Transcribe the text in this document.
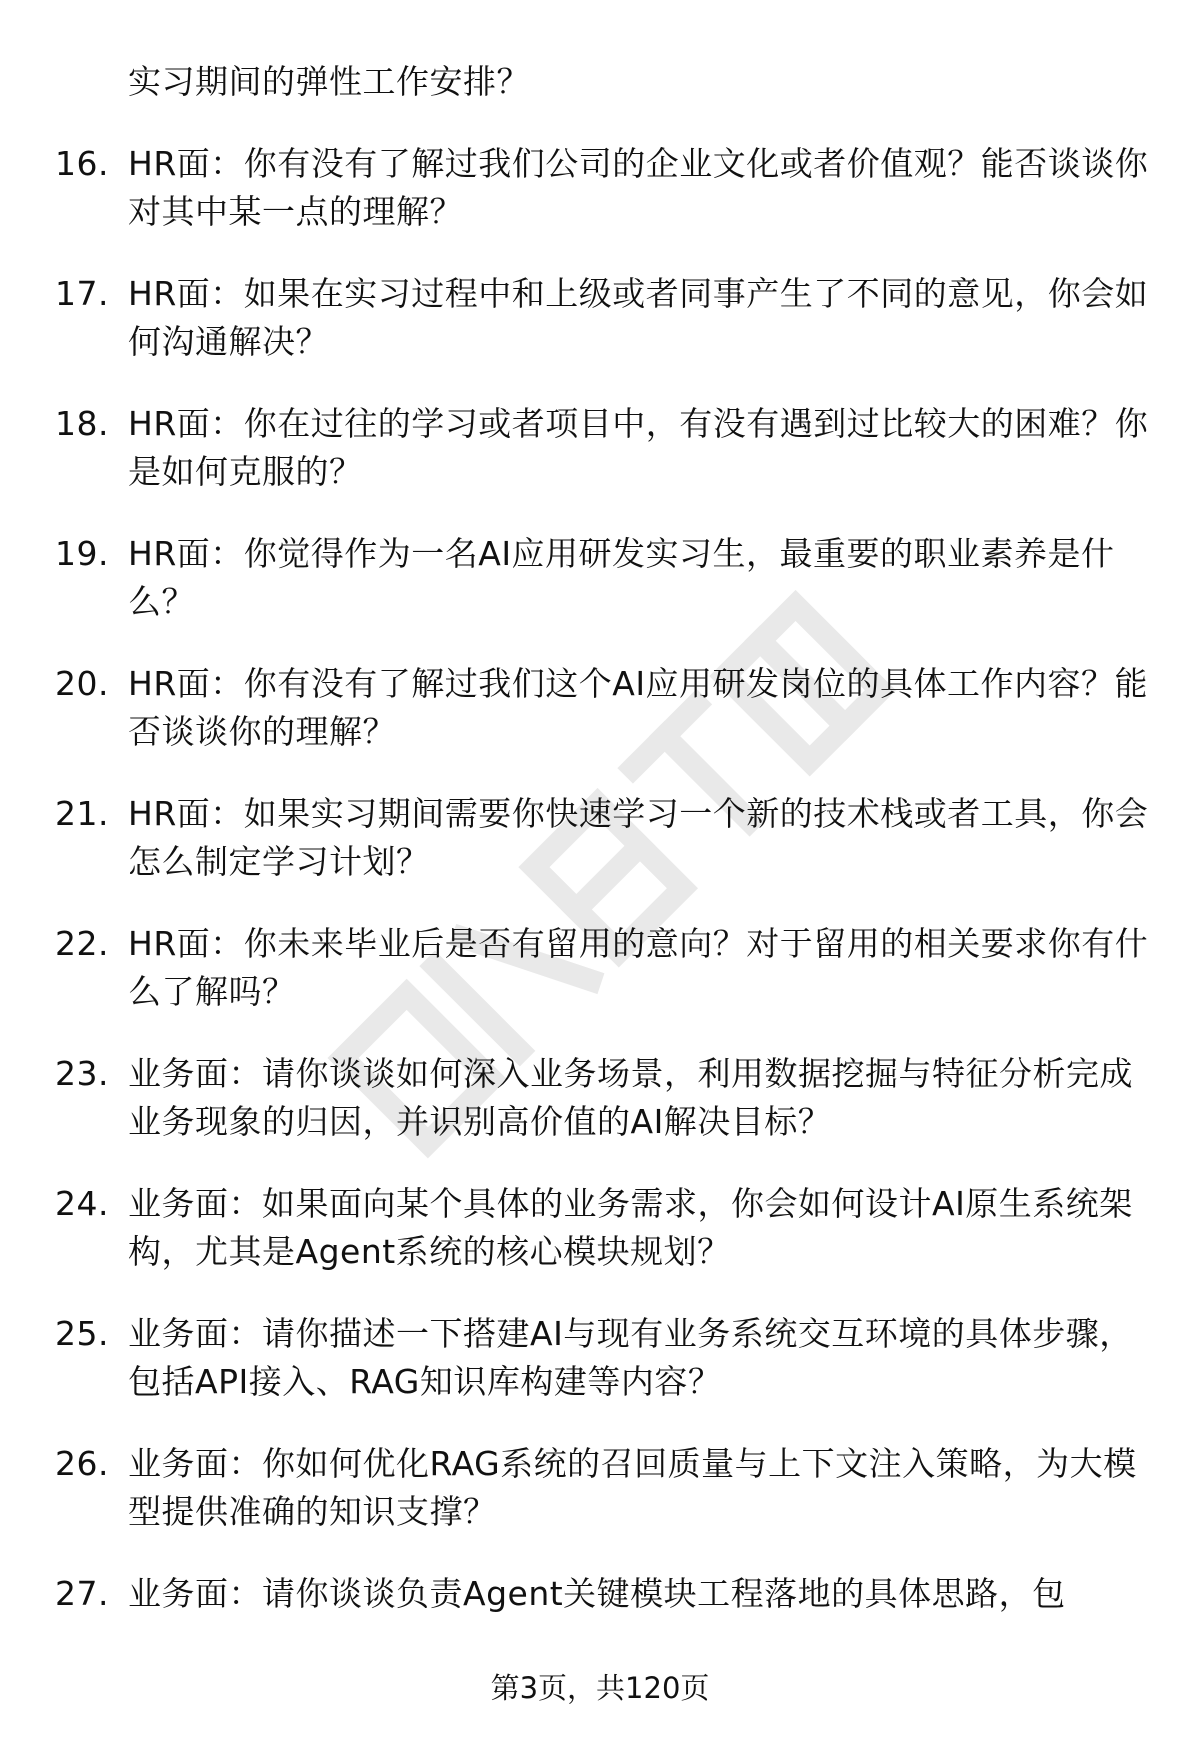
实习期间的弹性工作安排？
16. HR面：你有没有了解过我们公司的企业文化或者价值观？能否谈谈你对其中某一点的理解？
17. HR面：如果在实习过程中和上级或者同事产生了不同的意见，你会如何沟通解决？
18. HR面：你在过往的学习或者项目中，有没有遇到过比较大的困难？你是如何克服的？
19. HR面：你觉得作为一名AI应用研发实习生，最重要的职业素养是什么？
20. HR面：你有没有了解过我们这个AI应用研发岗位的具体工作内容？能否谈谈你的理解？
21. HR面：如果实习期间需要你快速学习一个新的技术栈或者工具，你会怎么制定学习计划？
22. HR面：你未来毕业后是否有留用的意向？对于留用的相关要求你有什么了解吗？
23. 业务面：请你谈谈如何深入业务场景，利用数据挖掘与特征分析完成业务现象的归因，并识别高价值的AI解决目标？
24. 业务面：如果面向某个具体的业务需求，你会如何设计AI原生系统架构，尤其是Agent系统的核心模块规划？
25. 业务面：请你描述一下搭建AI与现有业务系统交互环境的具体步骤，包括API接入、RAG知识库构建等内容？
26. 业务面：你如何优化RAG系统的召回质量与上下文注入策略，为大模型提供准确的知识支撑？
27. 业务面：请你谈谈负责Agent关键模块工程落地的具体思路，包
第3页，共120页
